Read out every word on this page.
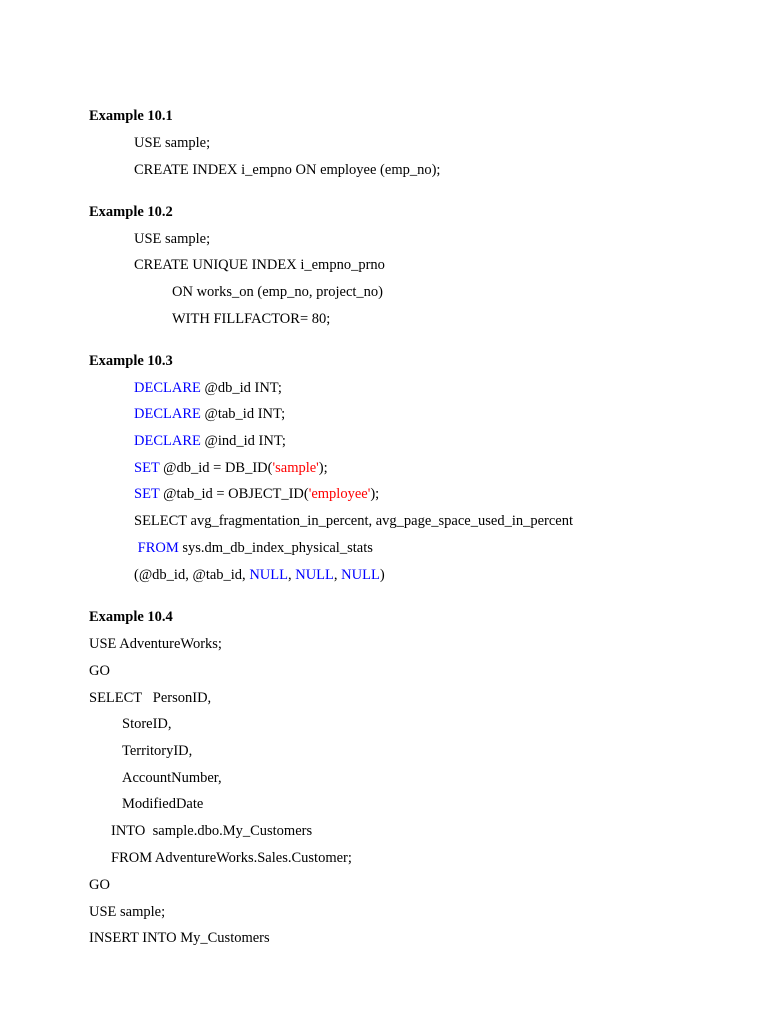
Example 10.1
USE sample;
CREATE INDEX i_empno ON employee (emp_no);
Example 10.2
USE sample;
CREATE UNIQUE INDEX i_empno_prno
ON works_on (emp_no, project_no)
WITH FILLFACTOR= 80;
Example 10.3
DECLARE @db_id INT;
DECLARE @tab_id INT;
DECLARE @ind_id INT;
SET @db_id = DB_ID('sample');
SET @tab_id = OBJECT_ID('employee');
SELECT avg_fragmentation_in_percent, avg_page_space_used_in_percent
FROM sys.dm_db_index_physical_stats
(@db_id, @tab_id, NULL, NULL, NULL)
Example 10.4
USE AdventureWorks;
GO
SELECT   PersonID,
StoreID,
TerritoryID,
AccountNumber,
ModifiedDate
INTO  sample.dbo.My_Customers
FROM AdventureWorks.Sales.Customer;
GO
USE sample;
INSERT INTO My_Customers
